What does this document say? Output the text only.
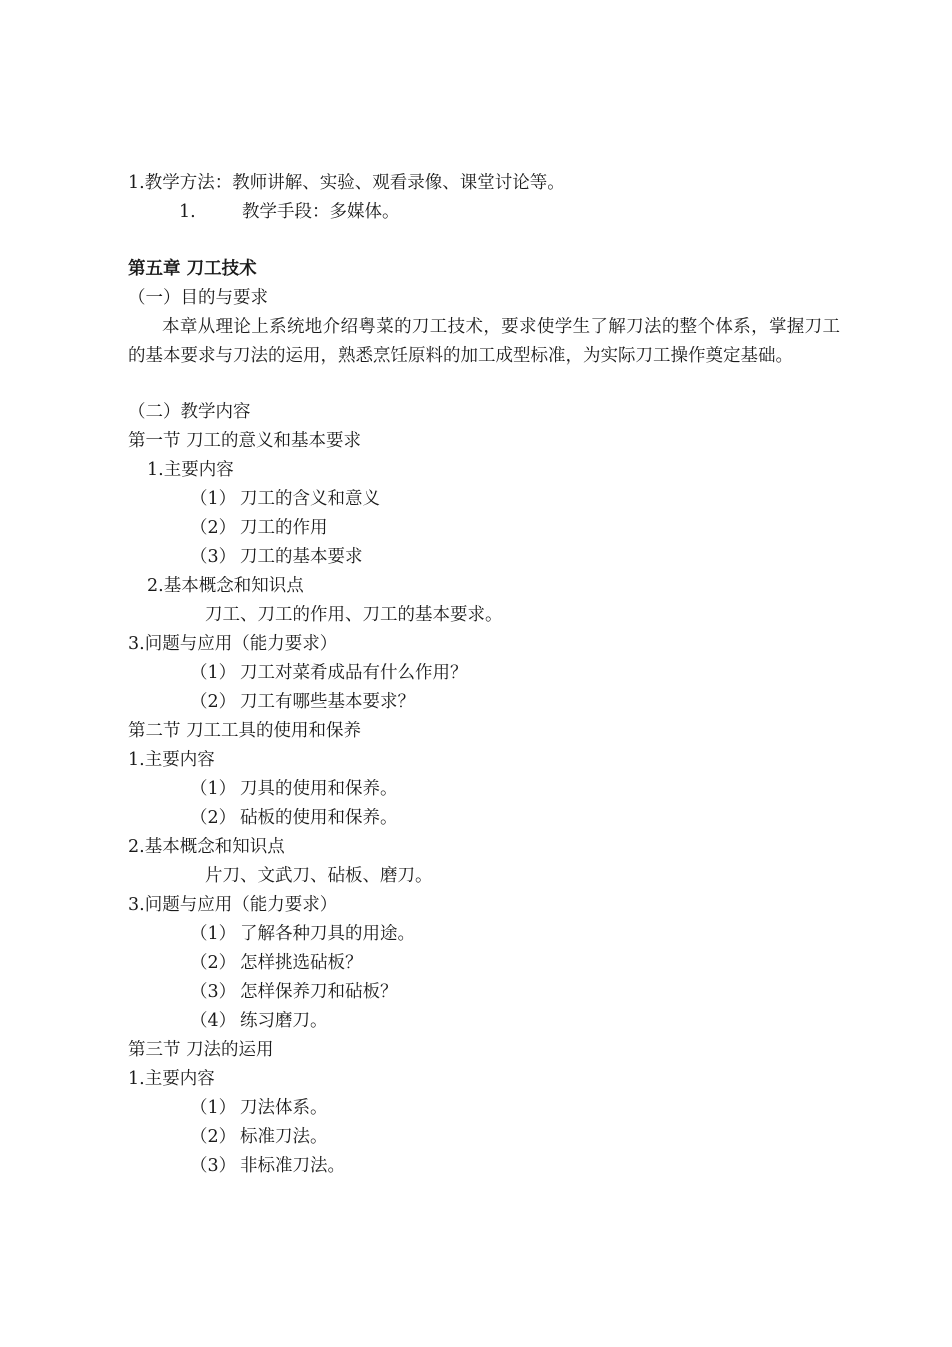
1.教学方法：教师讲解、实验、观看录像、课堂讨论等。
1.	教学手段：多媒体。
第五章 刀工技术
（一）目的与要求
本章从理论上系统地介绍粤菜的刀工技术，要求使学生了解刀法的整个体系，掌握刀工的基本要求与刀法的运用，熟悉烹饪原料的加工成型标准，为实际刀工操作奠定基础。
（二）教学内容
第一节 刀工的意义和基本要求
1.主要内容
（1） 刀工的含义和意义
（2） 刀工的作用
（3） 刀工的基本要求
2.基本概念和知识点
刀工、刀工的作用、刀工的基本要求。
3.问题与应用（能力要求）
（1） 刀工对菜肴成品有什么作用？
（2） 刀工有哪些基本要求？
第二节 刀工工具的使用和保养
1.主要内容
（1） 刀具的使用和保养。
（2） 砧板的使用和保养。
2.基本概念和知识点
片刀、文武刀、砧板、磨刀。
3.问题与应用（能力要求）
（1） 了解各种刀具的用途。
（2） 怎样挑选砧板？
（3） 怎样保养刀和砧板？
（4） 练习磨刀。
第三节 刀法的运用
1.主要内容
（1） 刀法体系。
（2） 标准刀法。
（3） 非标准刀法。
